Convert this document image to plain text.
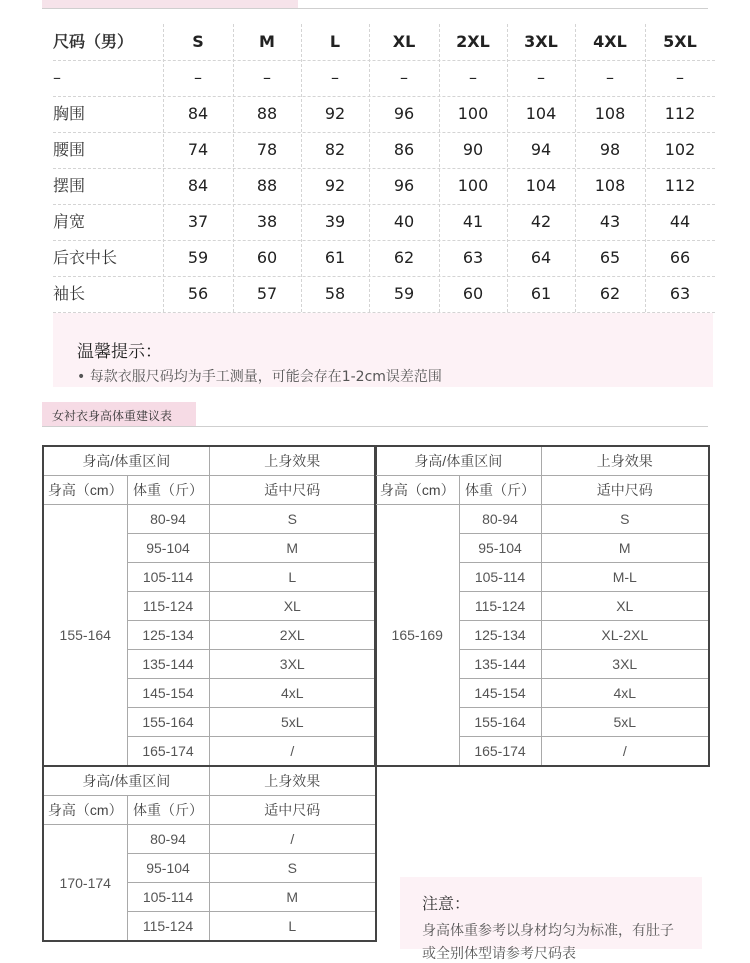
尺码（男）	S	M	L	XL	2XL	3XL	4XL	5XL
–	–	–	–	–	–	–	–	–
胸围	84	88	92	96	100	104	108	112
腰围	74	78	82	86	90	94	98	102
摆围	84	88	92	96	100	104	108	112
肩宽	37	38	39	40	41	42	43	44
后衣中长	59	60	61	62	63	64	65	66
袖长	56	57	58	59	60	61	62	63
温馨提示：
• 每款衣服尺码均为手工测量，可能会存在1-2cm误差范围
女衬衣身高体重建议表
身高/体重区间		上身效果
身高（cm）	体重（斤）	适中尺码
155-164	80-94	S
	95-104	M
	105-114	L
	115-124	XL
	125-134	2XL
	135-144	3XL
	145-154	4xL
	155-164	5xL
	165-174	/
身高/体重区间		上身效果
身高（cm）	体重（斤）	适中尺码
165-169	80-94	S
	95-104	M
	105-114	M-L
	115-124	XL
	125-134	XL-2XL
	135-144	3XL
	145-154	4xL
	155-164	5xL
	165-174	/
身高/体重区间		上身效果
身高（cm）	体重（斤）	适中尺码
170-174	80-94	/
	95-104	S
	105-114	M
	115-124	L
注意：
身高体重参考以身材均匀为标准，有肚子
或全别体型请参考尺码表
